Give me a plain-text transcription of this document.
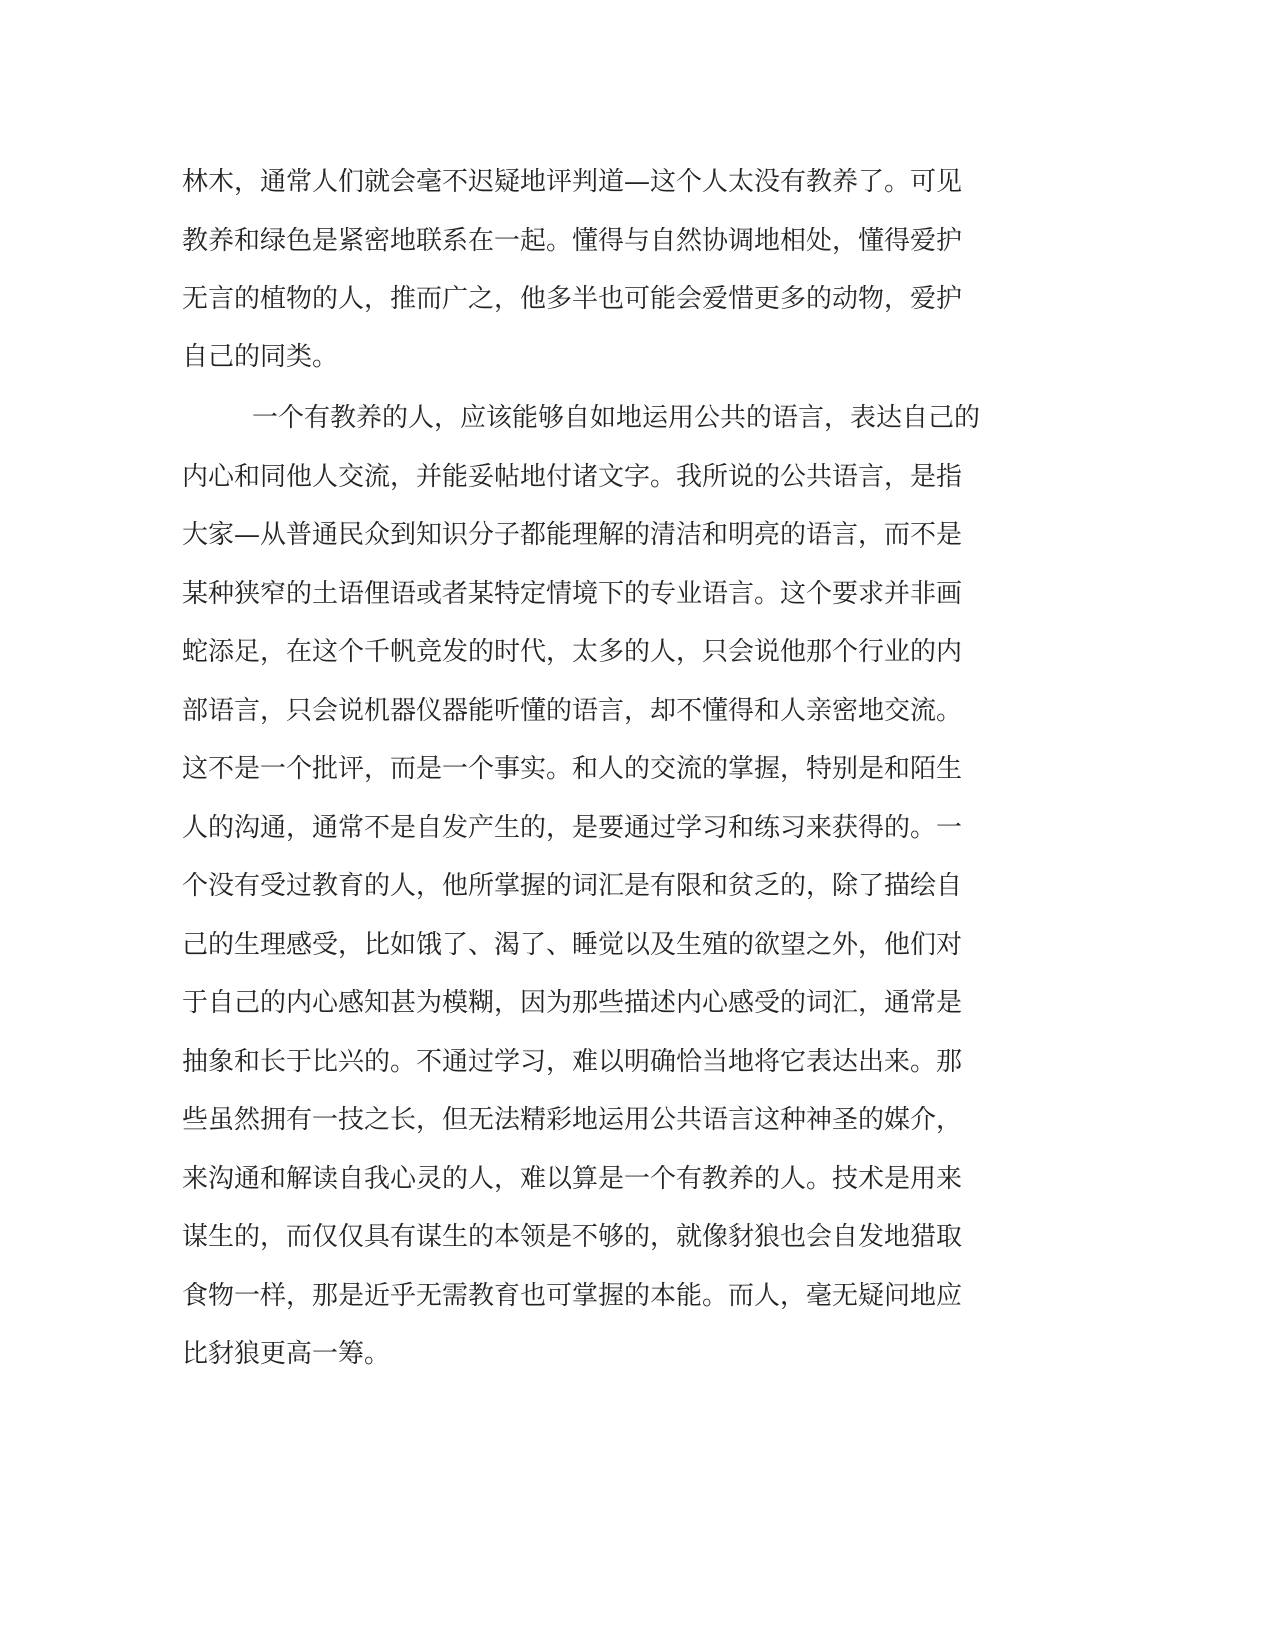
林木，通常人们就会毫不迟疑地评判道—这个人太没有教养了。可见
教养和绿色是紧密地联系在一起。懂得与自然协调地相处，懂得爱护
无言的植物的人，推而广之，他多半也可能会爱惜更多的动物，爱护
自己的同类。
一个有教养的人，应该能够自如地运用公共的语言，表达自己的
内心和同他人交流，并能妥帖地付诸文字。我所说的公共语言，是指
大家—从普通民众到知识分子都能理解的清洁和明亮的语言，而不是
某种狭窄的土语俚语或者某特定情境下的专业语言。这个要求并非画
蛇添足，在这个千帆竞发的时代，太多的人，只会说他那个行业的内
部语言，只会说机器仪器能听懂的语言，却不懂得和人亲密地交流。
这不是一个批评，而是一个事实。和人的交流的掌握，特别是和陌生
人的沟通，通常不是自发产生的，是要通过学习和练习来获得的。一
个没有受过教育的人，他所掌握的词汇是有限和贫乏的，除了描绘自
己的生理感受，比如饿了、渴了、睡觉以及生殖的欲望之外，他们对
于自己的内心感知甚为模糊，因为那些描述内心感受的词汇，通常是
抽象和长于比兴的。不通过学习，难以明确恰当地将它表达出来。那
些虽然拥有一技之长，但无法精彩地运用公共语言这种神圣的媒介，
来沟通和解读自我心灵的人，难以算是一个有教养的人。技术是用来
谋生的，而仅仅具有谋生的本领是不够的，就像豺狼也会自发地猎取
食物一样，那是近乎无需教育也可掌握的本能。而人，毫无疑问地应
比豺狼更高一筹。
